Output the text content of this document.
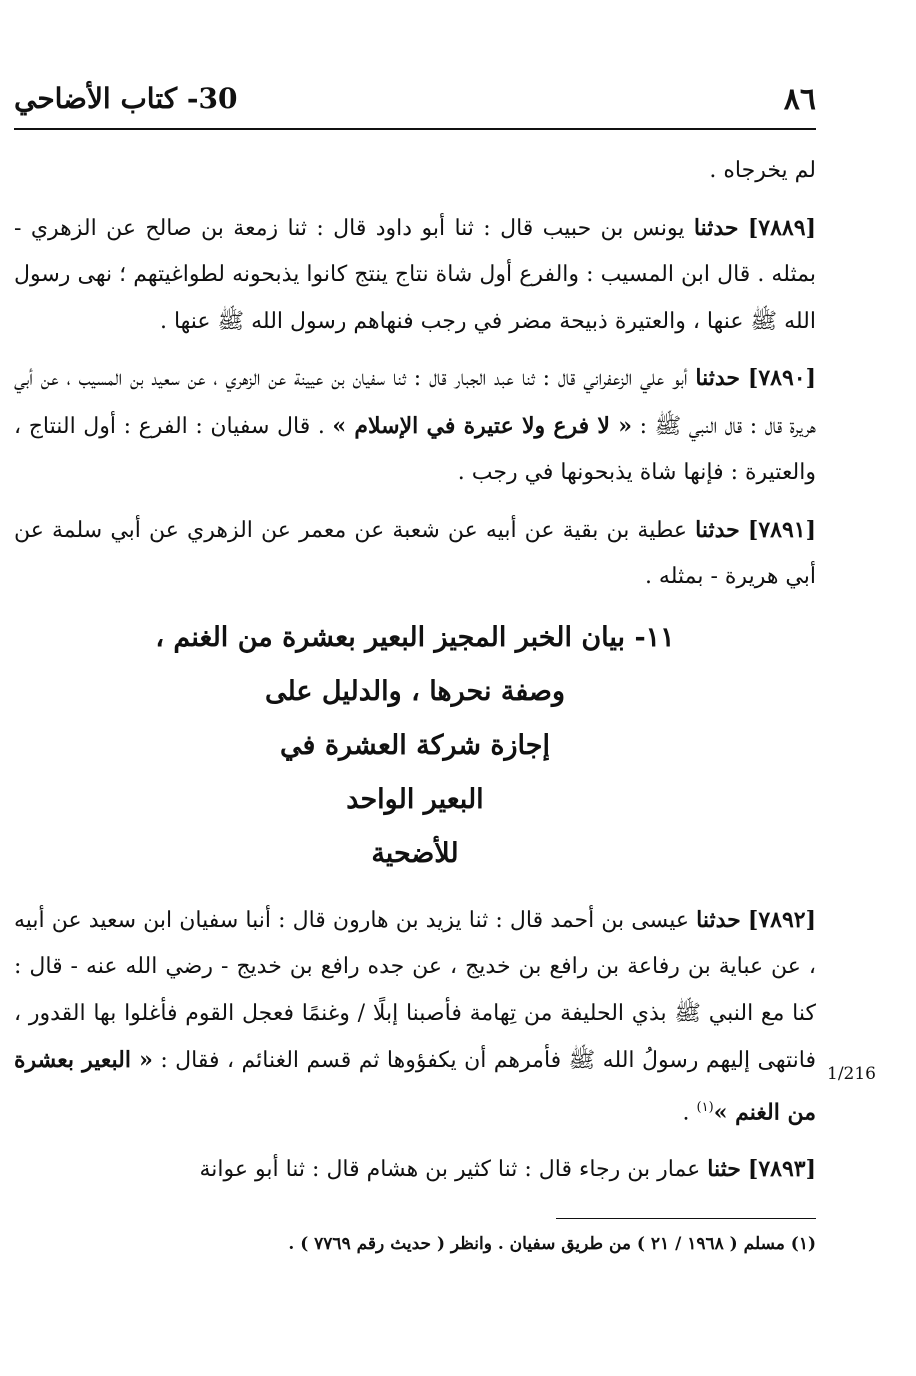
٨٦
30- كتاب الأضاحي

لم يخرجاه .

[٧٨٨٩] حدثنا يونس بن حبيب قال : ثنا أبو داود قال : ثنا زمعة بن صالح عن الزهري - بمثله . قال ابن المسيب : والفرع أول شاة نتاج ينتج كانوا يذبحونه لطواغيتهم ؛ نهى رسول الله ﷺ عنها ، والعتيرة ذبيحة مضر في رجب فنهاهم رسول الله ﷺ عنها .

[٧٨٩٠] حدثنا أبو علي الزعفراني قال : ثنا عبد الجبار قال : ثنا سفيان بن عيينة عن الزهري ، عن سعيد بن المسيب ، عن أبي هريرة قال : قال النبي ﷺ : « لا فرع ولا عتيرة في الإسلام » . قال سفيان : الفرع : أول النتاج ، والعتيرة : فإنها شاة يذبحونها في رجب .

[٧٨٩١] حدثنا عطية بن بقية عن أبيه عن شعبة عن معمر عن الزهري عن أبي سلمة عن أبي هريرة - بمثله .

١١- بيان الخبر المجيز البعير بعشرة من الغنم ،
وصفة نحرها ، والدليل على
إجازة شركة العشرة في
البعير الواحد
للأضحية

[٧٨٩٢] حدثنا عيسى بن أحمد قال : ثنا يزيد بن هارون قال : أنبا سفيان ابن سعيد عن أبيه ، عن عباية بن رفاعة بن رافع بن خديج ، عن جده رافع بن خديج - رضي الله عنه - قال : كنا مع النبي ﷺ بذي الحليفة من تِهامة فأصبنا إبلًا / وغنمًا فعجل القوم فأغلوا بها القدور ، فانتهى إليهم رسولُ الله ﷺ فأمرهم أن يكفؤوها ثم قسم الغنائم ، فقال : « البعير بعشرة من الغنم »$^{(١)}$ .

[٧٨٩٣] حثنا عمار بن رجاء قال : ثنا كثير بن هشام قال : ثنا أبو عوانة

1/216
(١) مسلم ( ١٩٦٨ / ٢١ ) من طريق سفيان . وانظر ( حديث رقم ٧٧٦٩ ) .
